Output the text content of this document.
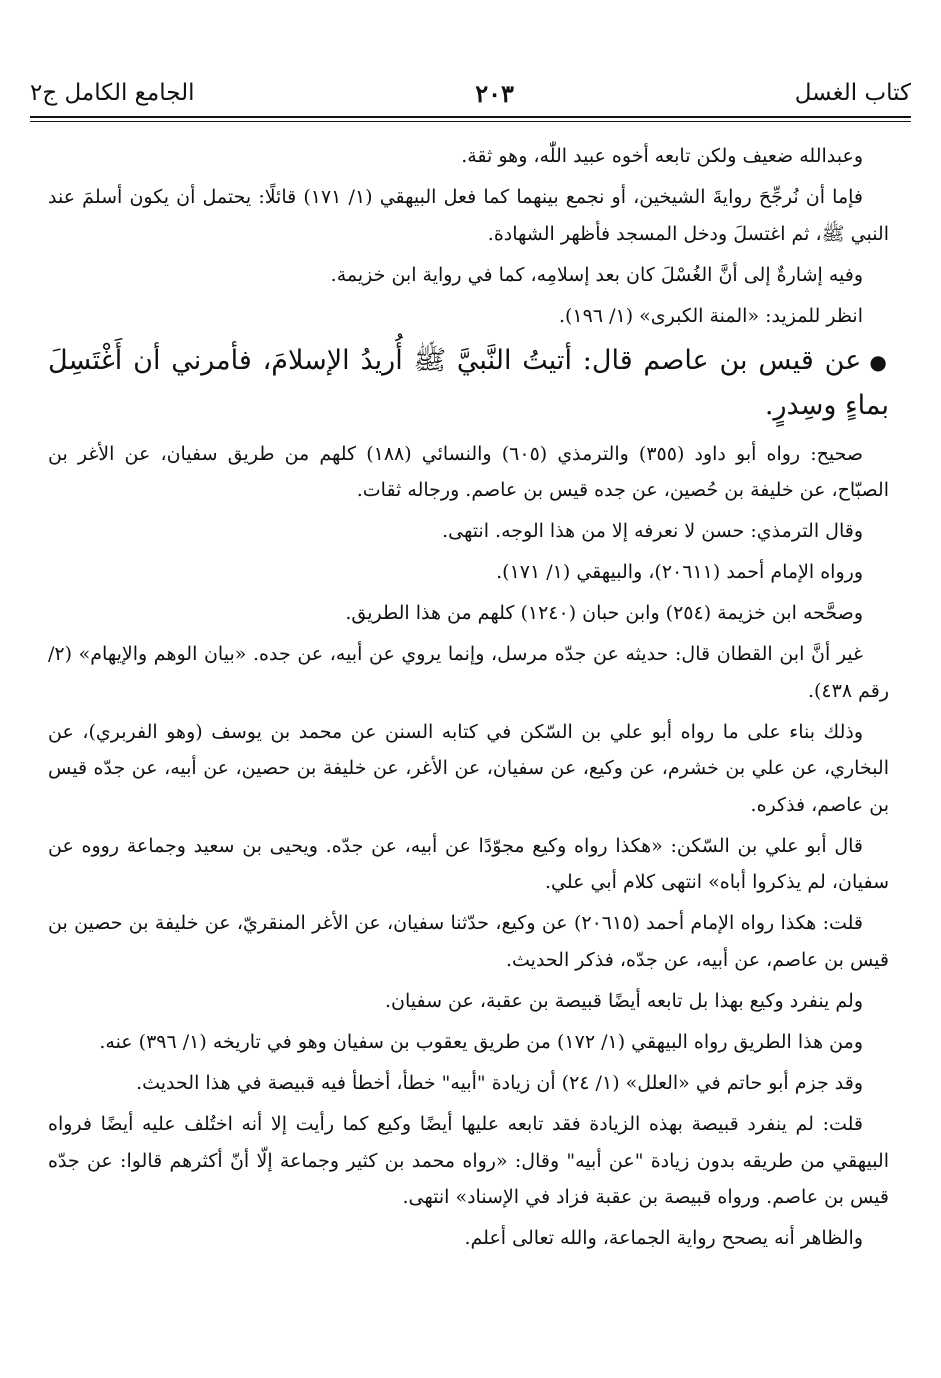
كتاب الغسل
٢٠٣
الجامع الكامل ج٢

وعبدالله ضعيف ولكن تابعه أخوه عبيد اللّٰه، وهو ثقة.

فإما أن نُرجِّحَ روايةَ الشيخين، أو نجمع بينهما كما فعل البيهقي (١/ ١٧١) قائلًا: يحتمل أن يكون أسلمَ عند النبي ﷺ، ثم اغتسلَ ودخل المسجد فأظهر الشهادة.

وفيه إشارةٌ إلى أنَّ الغُسْلَ كان بعد إسلامِه، كما في رواية ابن خزيمة.

انظر للمزيد: «المنة الكبرى» (١/ ١٩٦).

●عن قيس بن عاصم قال: أتيتُ النَّبيَّ ﷺ أُريدُ الإسلامَ، فأمرني أن أَغْتَسِلَ بماءٍ وسِدرٍ.

صحيح: رواه أبو داود (٣٥٥) والترمذي (٦٠٥) والنسائي (١٨٨) كلهم من طريق سفيان، عن الأغر بن الصبّاح، عن خليفة بن حُصين، عن جده قيس بن عاصم. ورجاله ثقات.

وقال الترمذي: حسن لا نعرفه إلا من هذا الوجه. انتهى.

ورواه الإمام أحمد (٢٠٦١١)، والبيهقي (١/ ١٧١).

وصحَّحه ابن خزيمة (٢٥٤) وابن حبان (١٢٤٠) كلهم من هذا الطريق.

غير أنَّ ابن القطان قال: حديثه عن جدّه مرسل، وإنما يروي عن أبيه، عن جده. «بيان الوهم والإيهام» (٢/رقم ٤٣٨).

وذلك بناء على ما رواه أبو علي بن السّكن في كتابه السنن عن محمد بن يوسف (وهو الفربري)، عن البخاري، عن علي بن خشرم، عن وكيع، عن سفيان، عن الأغر، عن خليفة بن حصين، عن أبيه، عن جدّه قيس بن عاصم، فذكره.

قال أبو علي بن السّكن: «هكذا رواه وكيع مجوّدًا عن أبيه، عن جدّه. ويحيى بن سعيد وجماعة رووه عن سفيان، لم يذكروا أباه» انتهى كلام أبي علي.

قلت: هكذا رواه الإمام أحمد (٢٠٦١٥) عن وكيع، حدّثنا سفيان، عن الأغر المنقريّ، عن خليفة بن حصين بن قيس بن عاصم، عن أبيه، عن جدّه، فذكر الحديث.

ولم ينفرد وكيع بهذا بل تابعه أيضًا قبيصة بن عقبة، عن سفيان.

ومن هذا الطريق رواه البيهقي (١/ ١٧٢) من طريق يعقوب بن سفيان وهو في تاريخه (١/ ٣٩٦) عنه.

وقد جزم أبو حاتم في «العلل» (١/ ٢٤) أن زيادة "أبيه" خطأ، أخطأ فيه قبيصة في هذا الحديث.

قلت: لم ينفرد قبيصة بهذه الزيادة فقد تابعه عليها أيضًا وكيع كما رأيت إلا أنه اختُلف عليه أيضًا فرواه البيهقي من طريقه بدون زيادة "عن أبيه" وقال: «رواه محمد بن كثير وجماعة إلّا أنّ أكثرهم قالوا: عن جدّه قيس بن عاصم. ورواه قبيصة بن عقبة فزاد في الإسناد» انتهى.

والظاهر أنه يصحح رواية الجماعة، والله تعالى أعلم.
